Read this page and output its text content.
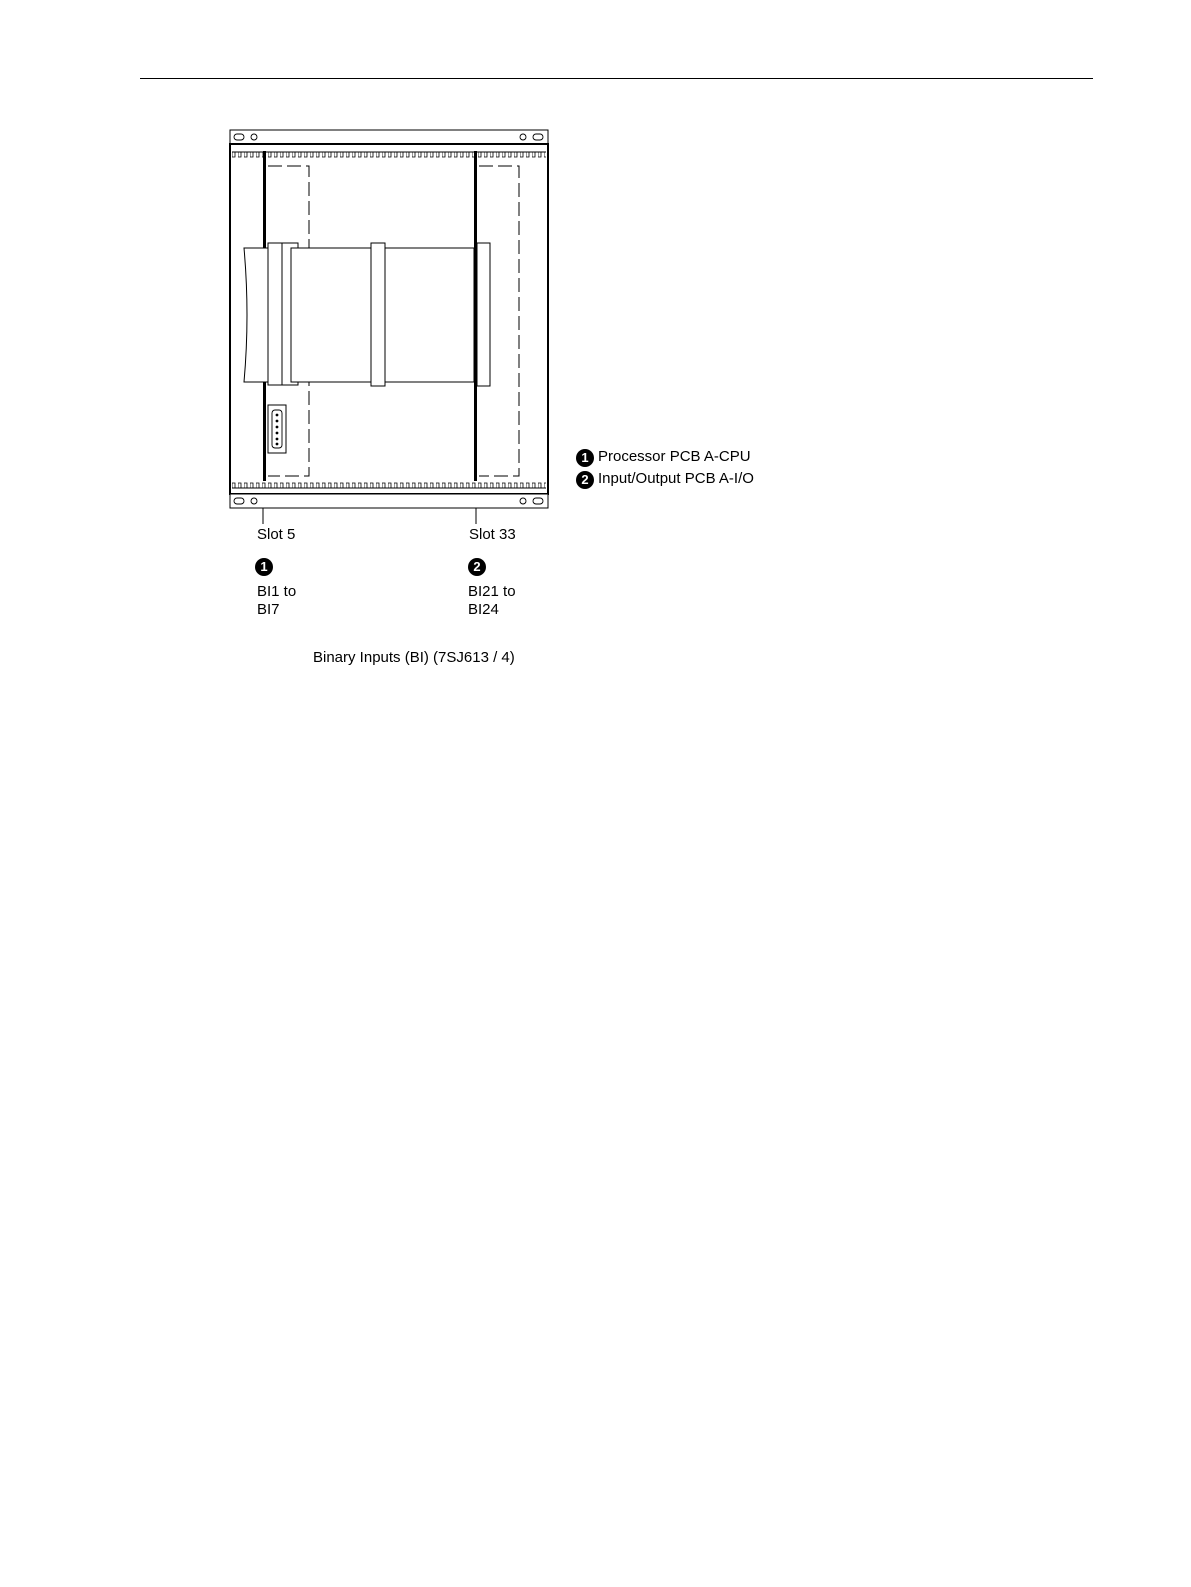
1 Processor PCB A-CPU
2 Input/Output PCB A-I/O
Slot 5
1
BI1 to
BI7
Slot 33
2
BI21 to
BI24
Binary Inputs (BI) (7SJ613 / 4)
